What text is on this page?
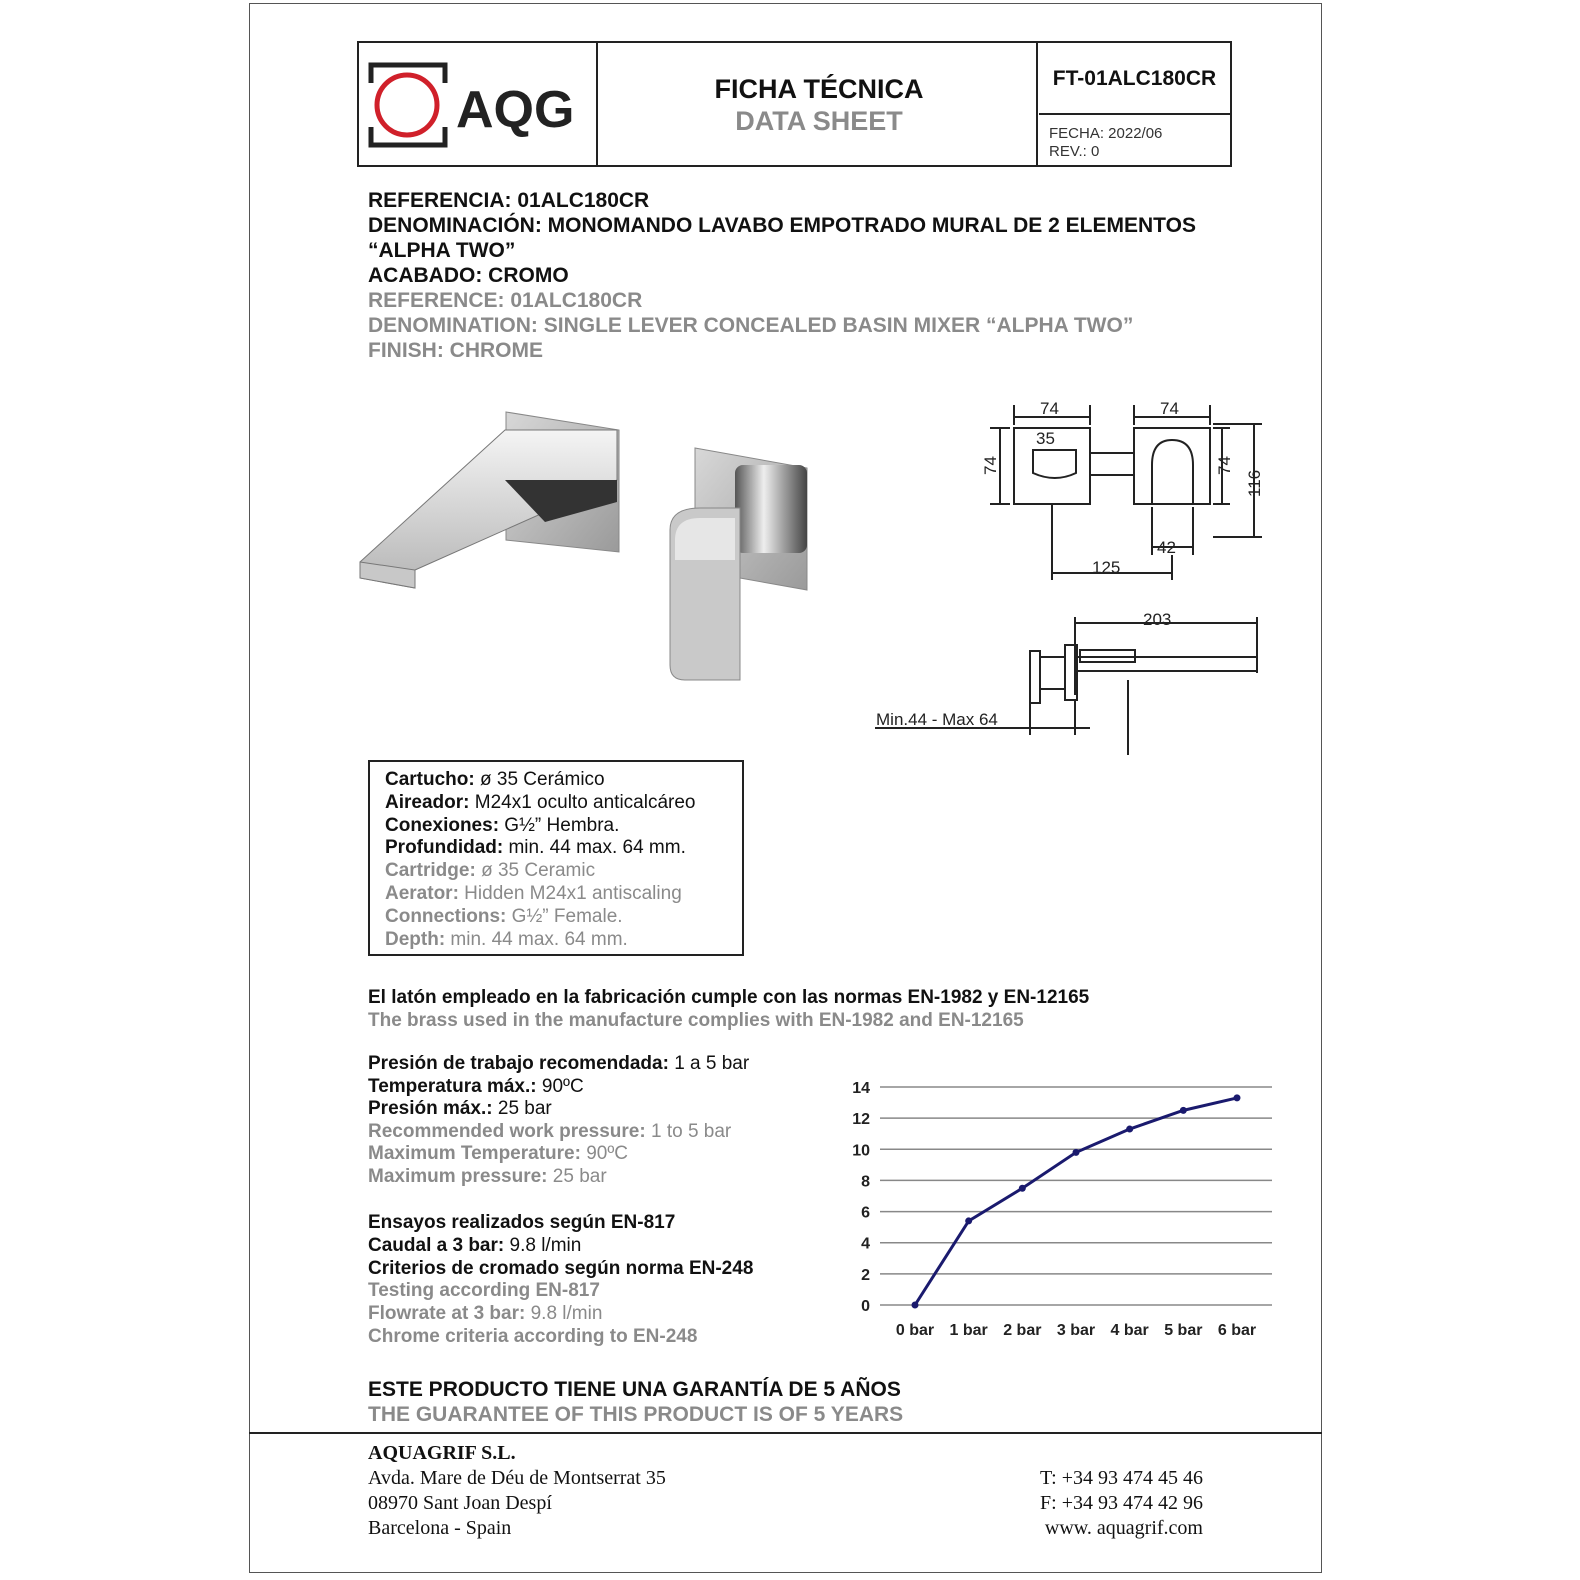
AQG	FICHA TÉCNICA
DATA SHEET
FT-01ALC180CR
FECHA: 2022/06
REV.: 0
REFERENCIA: 01ALC180CR
DENOMINACIÓN: MONOMANDO LAVABO EMPOTRADO MURAL DE 2 ELEMENTOS
“ALPHA TWO”
ACABADO: CROMO
REFERENCE: 01ALC180CR
DENOMINATION: SINGLE LEVER CONCEALED BASIN MIXER “ALPHA TWO”
FINISH: CHROME
74	74
35
74	74
116
42
125
203
Min.44 - Max 64
Cartucho: ø 35 Cerámico
Aireador: M24x1 oculto anticalcáreo
Conexiones: G½” Hembra.
Profundidad: min. 44 max. 64 mm.
Cartridge: ø 35 Ceramic
Aerator: Hidden M24x1 antiscaling
Connections: G½” Female.
Depth: min. 44 max. 64 mm.
El latón empleado en la fabricación cumple con las normas EN-1982 y EN-12165
The brass used in the manufacture complies with EN-1982 and EN-12165
Presión de trabajo recomendada: 1 a 5 bar
Temperatura máx.: 90ºC
Presión máx.: 25 bar
Recommended work pressure: 1 to 5 bar
Maximum Temperature: 90ºC
Maximum pressure: 25 bar
Ensayos realizados según EN-817
Caudal a 3 bar: 9.8 l/min
Criterios de cromado según norma EN-248
Testing according EN-817
Flowrate at 3 bar: 9.8 l/min
Chrome criteria according to EN-248
0
2
4
6
8
10
12
14
0 bar 1 bar 2 bar 3 bar 4 bar 5 bar 6 bar
ESTE PRODUCTO TIENE UNA GARANTÍA DE 5 AÑOS
THE GUARANTEE OF THIS PRODUCT IS OF 5 YEARS
AQUAGRIF S.L.
Avda. Mare de Déu de Montserrat 35
08970 Sant Joan Despí
Barcelona - Spain
T: +34 93 474 45 46
F: +34 93 474 42 96
www. aquagrif.com
